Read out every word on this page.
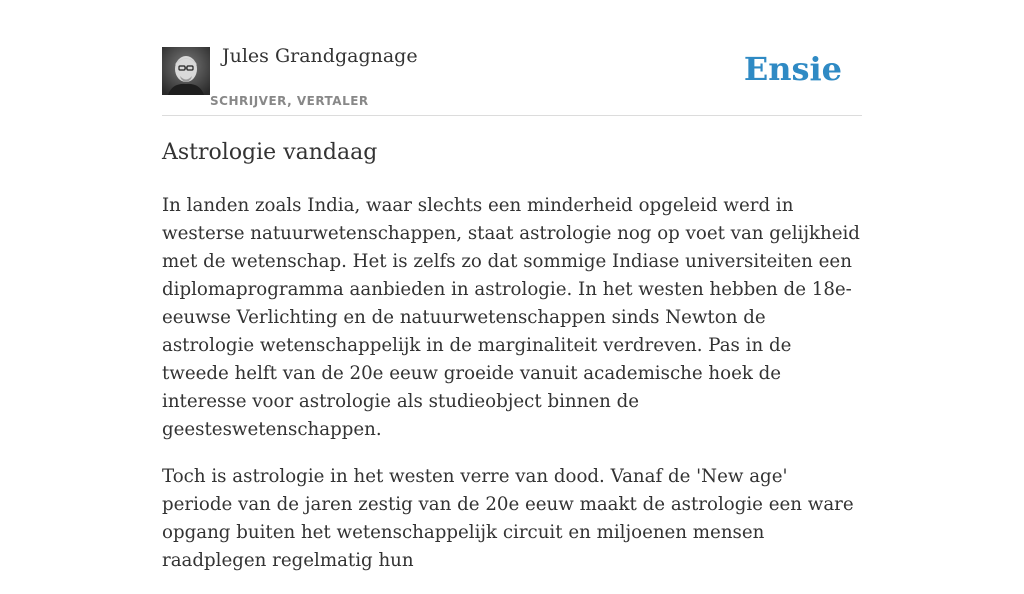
Jules Grandgagnage
SCHRIJVER, VERTALER
Ensie
Astrologie vandaag

In landen zoals India, waar slechts een minderheid opgeleid werd in westerse natuurwetenschappen, staat astrologie nog op voet van gelijkheid met de wetenschap. Het is zelfs zo dat sommige Indiase universiteiten een diplomaprogramma aanbieden in astrologie. In het westen hebben de 18e-eeuwse Verlichting en de natuurwetenschappen sinds Newton de astrologie wetenschappelijk in de marginaliteit verdreven. Pas in de tweede helft van de 20e eeuw groeide vanuit academische hoek de interesse voor astrologie als studieobject binnen de geesteswetenschappen.

Toch is astrologie in het westen verre van dood. Vanaf de 'New age' periode van de jaren zestig van de 20e eeuw maakt de astrologie een ware opgang buiten het wetenschappelijk circuit en miljoenen mensen raadplegen regelmatig hun
